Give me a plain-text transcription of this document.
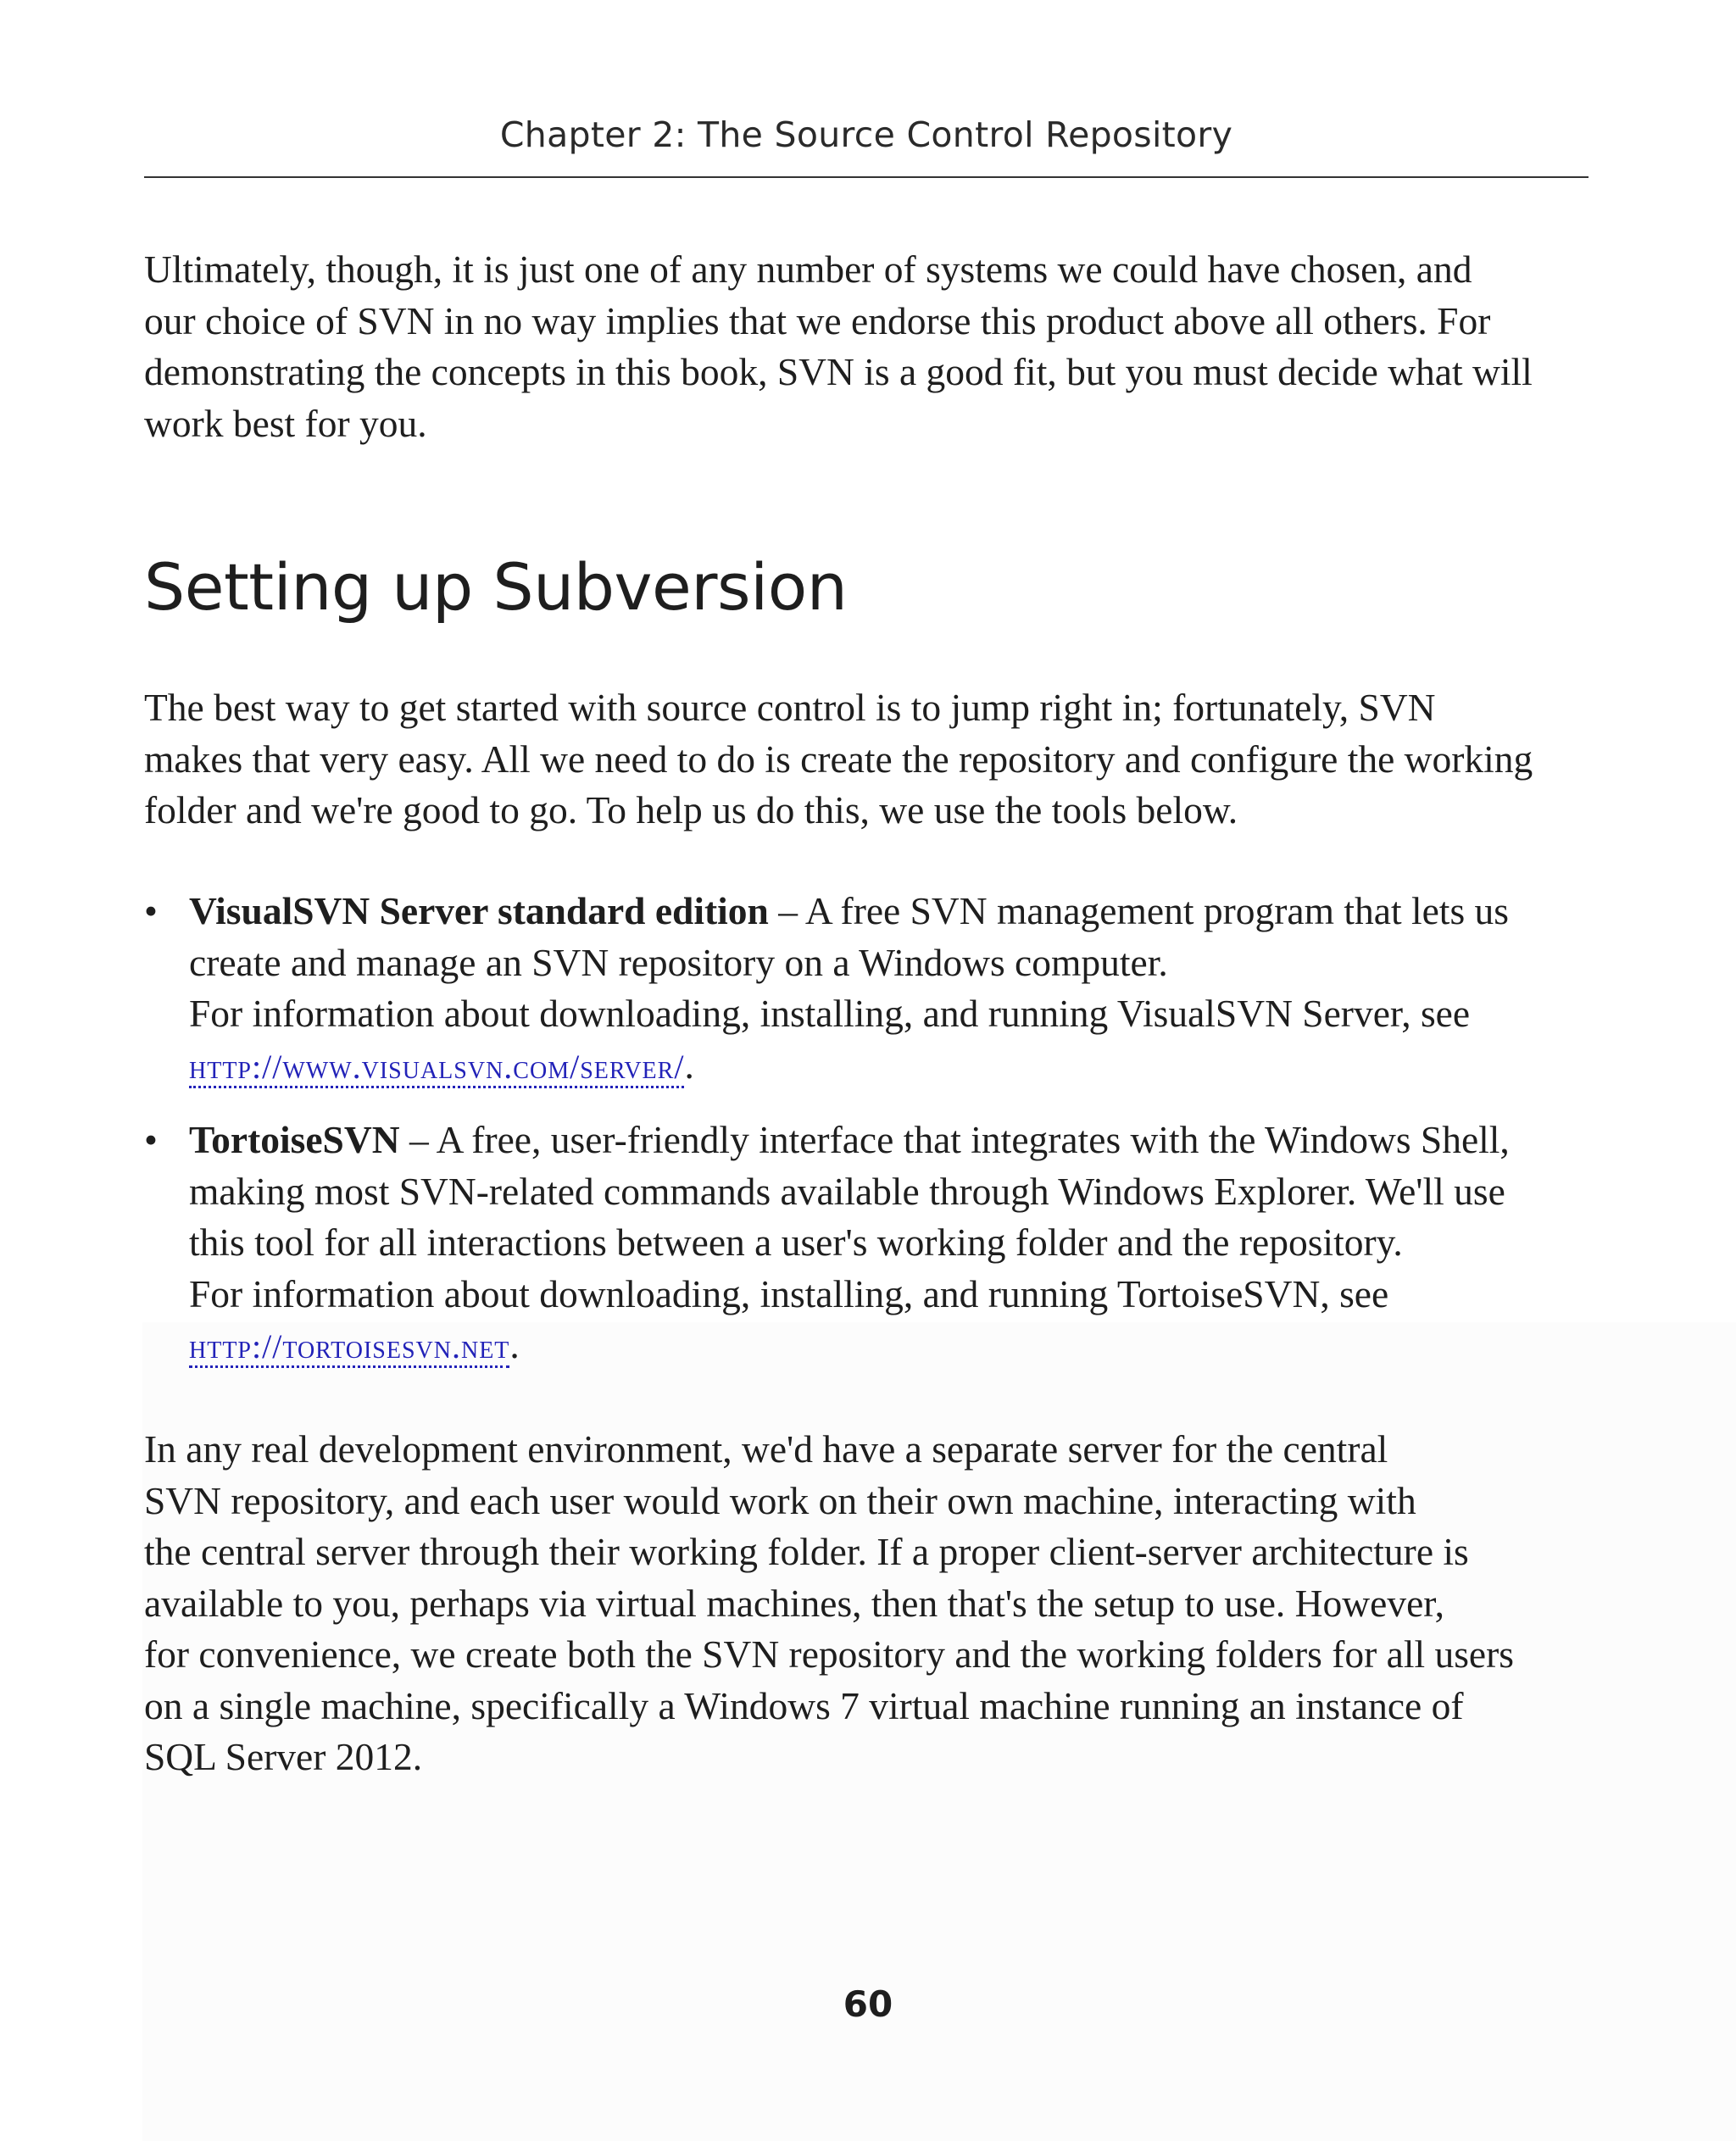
Chapter 2: The Source Control Repository

Ultimately, though, it is just one of any number of systems we could have chosen, and
our choice of SVN in no way implies that we endorse this product above all others. For
demonstrating the concepts in this book, SVN is a good fit, but you must decide what will
work best for you.

Setting up Subversion

The best way to get started with source control is to jump right in; fortunately, SVN
makes that very easy. All we need to do is create the repository and configure the working
folder and we're good to go. To help us do this, we use the tools below.

• VisualSVN Server standard edition – A free SVN management program that lets us
create and manage an SVN repository on a Windows computer.
For information about downloading, installing, and running VisualSVN Server, see
http://www.visualsvn.com/server/.
• TortoiseSVN – A free, user-friendly interface that integrates with the Windows Shell,
making most SVN-related commands available through Windows Explorer. We'll use
this tool for all interactions between a user's working folder and the repository.
For information about downloading, installing, and running TortoiseSVN, see
http://tortoisesvn.net.

In any real development environment, we'd have a separate server for the central
SVN repository, and each user would work on their own machine, interacting with
the central server through their working folder. If a proper client-server architecture is
available to you, perhaps via virtual machines, then that's the setup to use. However,
for convenience, we create both the SVN repository and the working folders for all users
on a single machine, specifically a Windows 7 virtual machine running an instance of
SQL Server 2012.

60
